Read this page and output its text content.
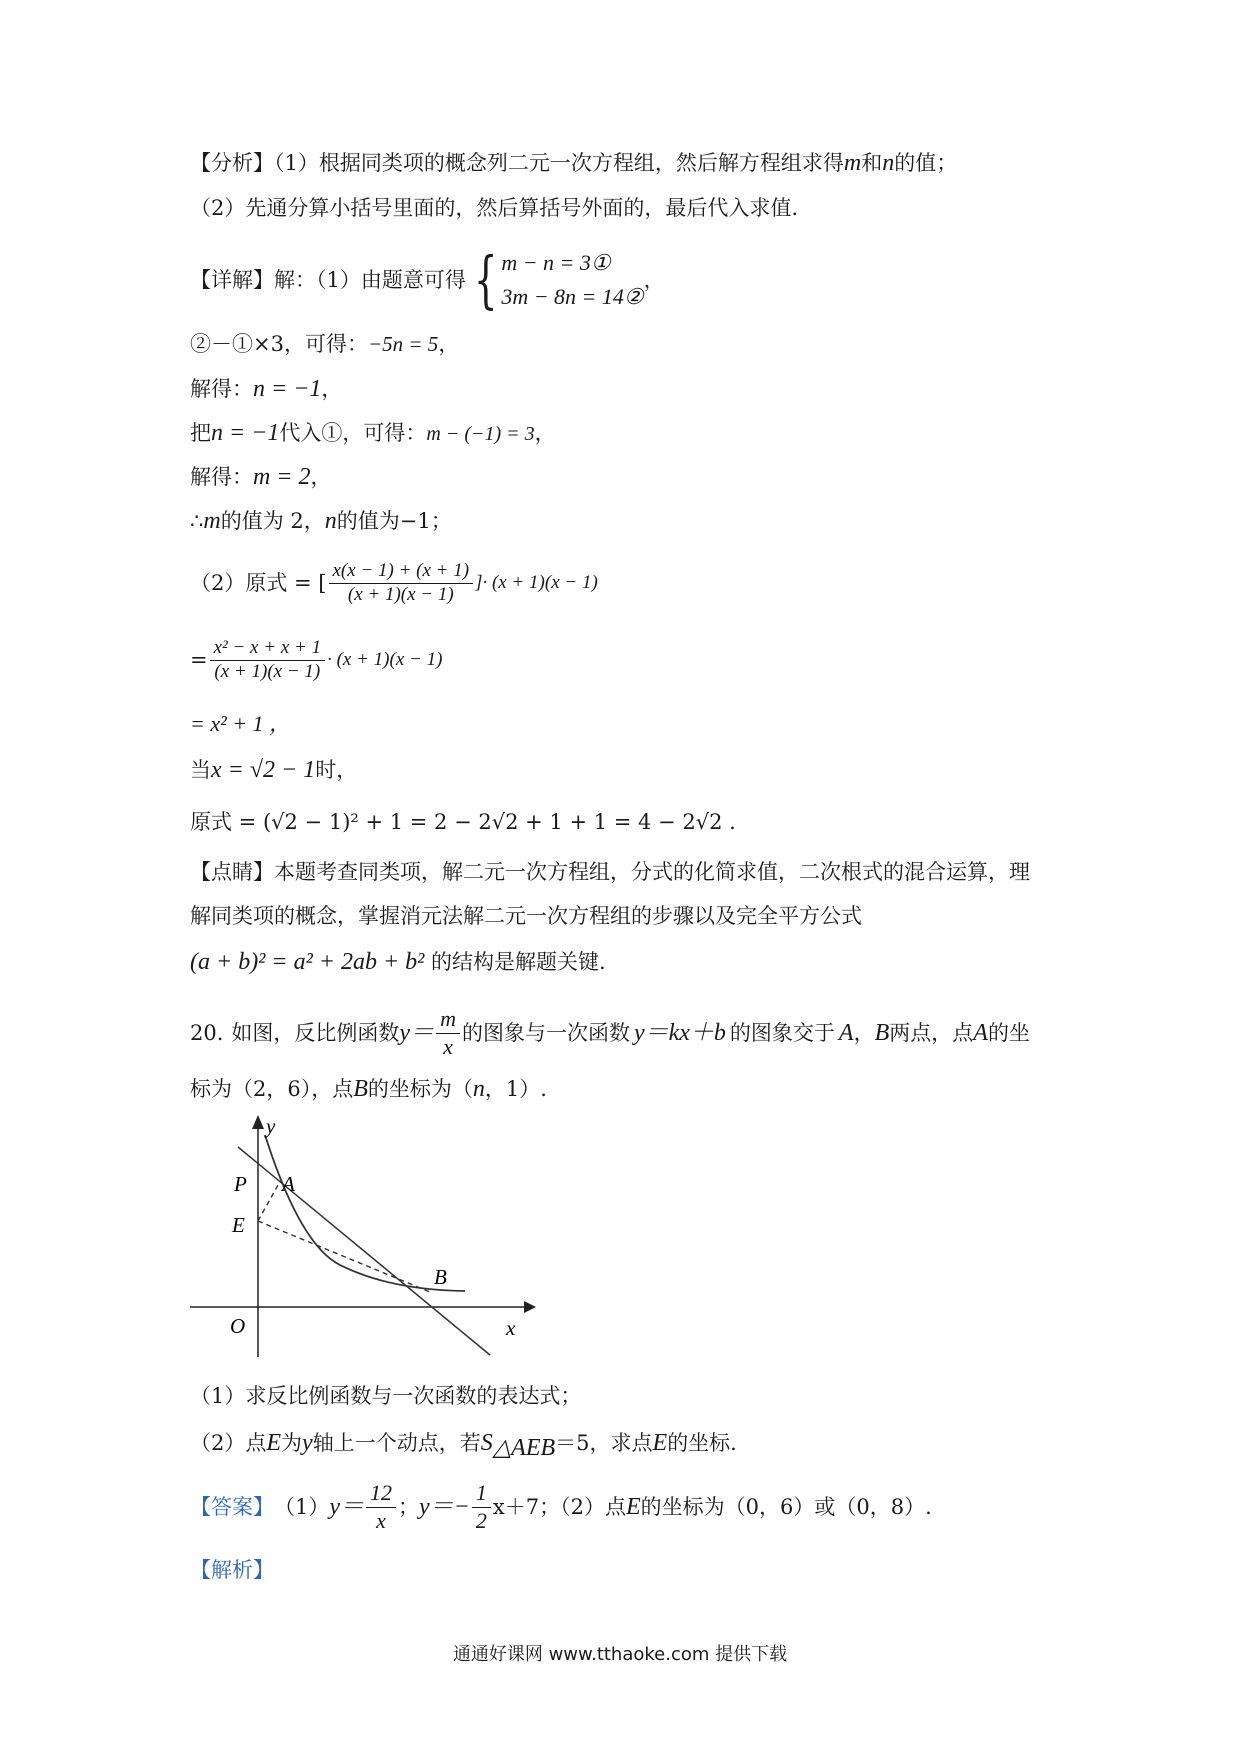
【分析】（1）根据同类项的概念列二元一次方程组，然后解方程组求得m和n的值；
（2）先通分算小括号里面的，然后算括号外面的，最后代入求值.
【详解】 解：（1）由题意可得 { m − n = 3①
3m − 8n = 14②
，
②－①×3，可得：−5n = 5，
解得：n = −1，
把n = −1代入①，可得：m − (−1) = 3，
解得：m = 2，
∴m的值为 2，n的值为−1；
（2）原式 = [ $\frac{x(x - 1) + (x + 1)}{(x + 1)(x - 1)}$ ]· (x + 1)(x − 1)
= $\frac{\text{x² − x + x + 1}}{(x + 1)(x - 1)} \cdot (x + 1)(x - 1)$
= x² + 1 ，
当x = √2 − 1时，
原式 = (√2 − 1)² + 1 = 2 − 2√2 + 1 + 1 = 4 − 2√2 .
【点睛】本题考查同类项，解二元一次方程组，分式的化简求值，二次根式的混合运算，理
解同类项的概念，掌握消元法解二元一次方程组的步骤以及完全平方公式
(a + b)² = a² + 2ab + b² 的结构是解题关键.
20. 如图，反比例函数 $y= \frac{m}{x}$ 的图象与一次函数 y＝kx＋b 的图象交于 A ， B 两点，点 A 的坐
标为（2，6），点B的坐标为（n，1）.
y
x
O
P A
E
B
（1）求反比例函数与一次函数的表达式；
（2）点E为y轴上一个动点，若$S_{\triangle AEB}=5$，求点E的坐标.
【答案】 （1） $y= \frac{12}{x}$ ； $y=- \frac{1}{2} x+7$；（2）点 E 的坐标为（0，6）或（0，8）.
【解析】
通通好课网 www.tthaoke.com 提供下载
